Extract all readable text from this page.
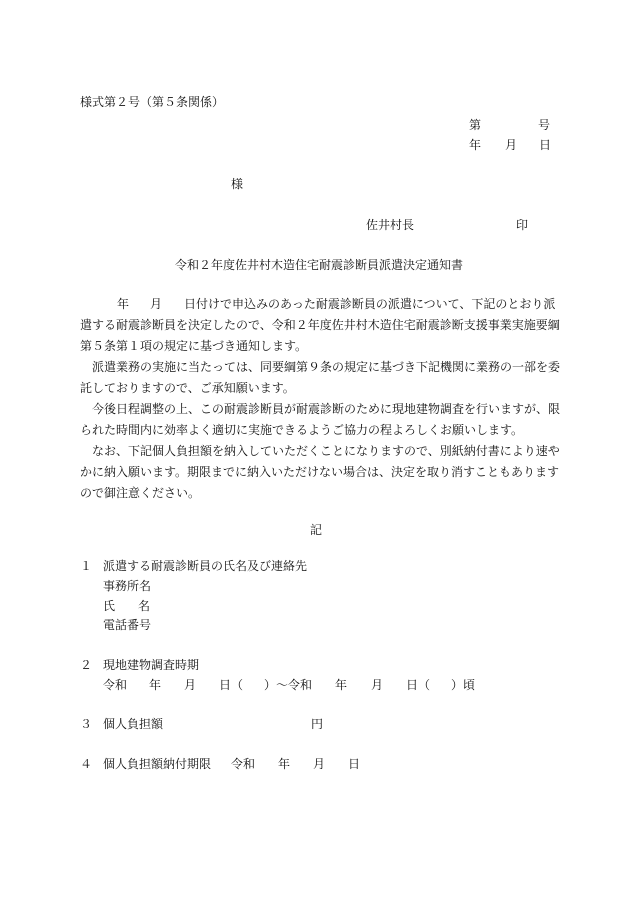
様式第２号（第５条関係）
第	号
年 月 日
様
佐井村長	印
令和２年度佐井村木造住宅耐震診断員派遣決定通知書
年 月 日付けで申込みのあった耐震診断員の派遣について、下記のとおり派
遣する耐震診断員を決定したので、令和２年度佐井村木造住宅耐震診断支援事業実施要綱
第５条第１項の規定に基づき通知します。
派遣業務の実施に当たっては、同要綱第９条の規定に基づき下記機関に業務の一部を委
託しておりますので、ご承知願います。
今後日程調整の上、この耐震診断員が耐震診断のために現地建物調査を行いますが、限
られた時間内に効率よく適切に実施できるようご協力の程よろしくお願いします。
なお、下記個人負担額を納入していただくことになりますので、別紙納付書により速や
かに納入願います。期限までに納入いただけない場合は、決定を取り消すこともあります
ので御注意ください。
記
１ 派遣する耐震診断員の氏名及び連絡先
事務所名
氏 名
電話番号
２ 現地建物調査時期
令和 年 月 日（ ）～令和 年 月 日（ ）頃
３ 個人負担額	円
４ 個人負担額納付期限 令和 年 月 日
